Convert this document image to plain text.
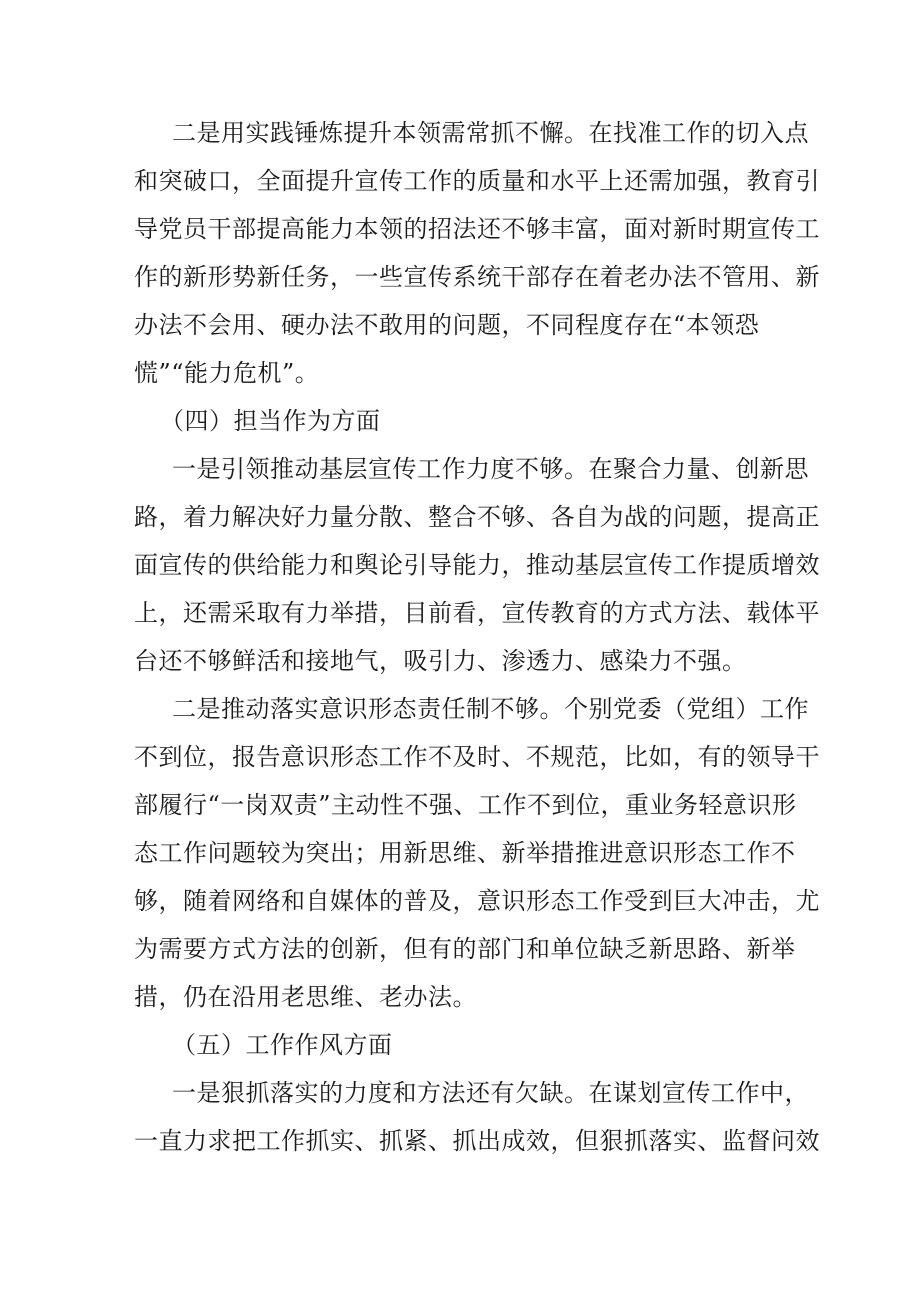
二是用实践锤炼提升本领需常抓不懈。在找准工作的切入点
和突破口，全面提升宣传工作的质量和水平上还需加强，教育引
导党员干部提高能力本领的招法还不够丰富，面对新时期宣传工
作的新形势新任务，一些宣传系统干部存在着老办法不管用、新
办法不会用、硬办法不敢用的问题，不同程度存在“本领恐
慌”“能力危机”。
（四）担当作为方面
一是引领推动基层宣传工作力度不够。在聚合力量、创新思
路，着力解决好力量分散、整合不够、各自为战的问题，提高正
面宣传的供给能力和舆论引导能力，推动基层宣传工作提质增效
上，还需采取有力举措，目前看，宣传教育的方式方法、载体平
台还不够鲜活和接地气，吸引力、渗透力、感染力不强。
二是推动落实意识形态责任制不够。个别党委（党组）工作
不到位，报告意识形态工作不及时、不规范，比如，有的领导干
部履行“一岗双责”主动性不强、工作不到位，重业务轻意识形
态工作问题较为突出；用新思维、新举措推进意识形态工作不
够，随着网络和自媒体的普及，意识形态工作受到巨大冲击，尤
为需要方式方法的创新，但有的部门和单位缺乏新思路、新举
措，仍在沿用老思维、老办法。
（五）工作作风方面
一是狠抓落实的力度和方法还有欠缺。在谋划宣传工作中，
一直力求把工作抓实、抓紧、抓出成效，但狠抓落实、监督问效
